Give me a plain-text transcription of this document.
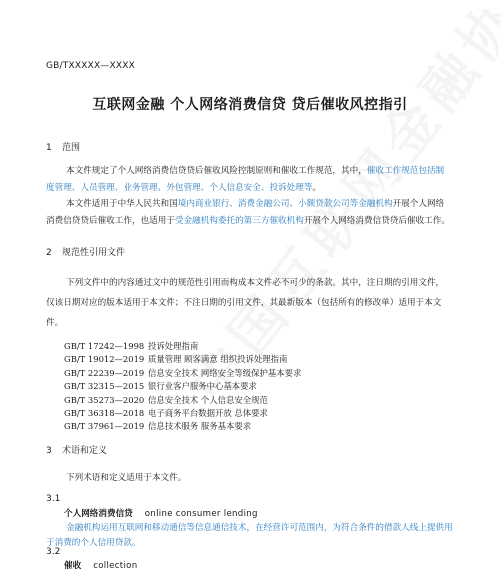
GB/TXXXXX—XXXX
互联网金融 个人网络消费信贷 贷后催收风控指引
1 范围
本文件规定了个人网络消费信贷贷后催收风险控制原则和催收工作规范，其中，催收工作规范包括制度管理、人员管理、业务管理、外包管理、个人信息安全、投诉处理等。
本文件适用于中华人民共和国境内商业银行、消费金融公司、小额贷款公司等金融机构开展个人网络消费信贷贷后催收工作，也适用于受金融机构委托的第三方催收机构开展个人网络消费信贷贷后催收工作。
2 规范性引用文件
下列文件中的内容通过文中的规范性引用而构成本文件必不可少的条款。其中，注日期的引用文件，仅该日期对应的版本适用于本文件；不注日期的引用文件，其最新版本（包括所有的修改单）适用于本文件。
GB/T 17242—1998 投诉处理指南
GB/T 19012—2019 质量管理 顾客满意 组织投诉处理指南
GB/T 22239—2019 信息安全技术 网络安全等级保护基本要求
GB/T 32315—2015 银行业客户服务中心基本要求
GB/T 35273—2020 信息安全技术 个人信息安全规范
GB/T 36318—2018 电子商务平台数据开放 总体要求
GB/T 37961—2019 信息技术服务 服务基本要求
3 术语和定义
下列术语和定义适用于本文件。
3.1
个人网络消费信贷 online consumer lending
金融机构运用互联网和移动通信等信息通信技术，在经营许可范围内，为符合条件的借款人线上提供用于消费的个人信用贷款。
3.2
催收 collection
